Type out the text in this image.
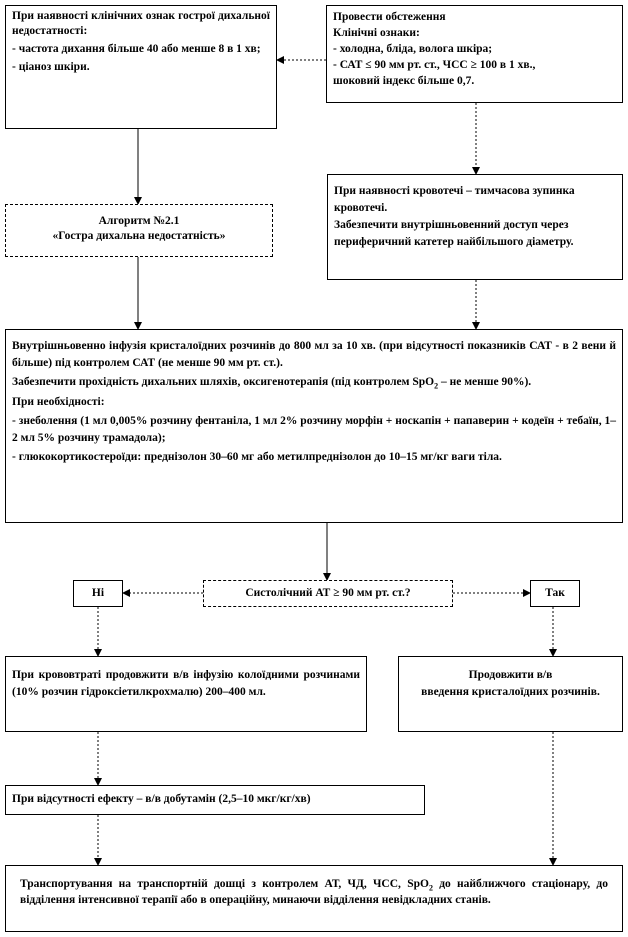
При наявності клінічних ознак гострої дихальної недостатності:

- частота дихання більше 40 або менше 8 в 1 хв;

- ціаноз шкіри.

Провести обстеження

Клінічні ознаки:

- холодна, бліда, волога шкіра;

- САТ ≤ 90 мм рт. ст., ЧСС ≥ 100 в 1 хв.,

шоковий індекс більше 0,7.

Алгоритм №2.1

«Гостра дихальна недостатність»

При наявності кровотечі – тимчасова зупинка кровотечі.

Забезпечити внутрішньовенний доступ через периферичний катетер найбільшого діаметру.

Внутрішньовенно інфузія кристалоїдних розчинів до 800 мл за 10 хв. (при відсутності показників САТ - в 2 вени й більше) під контролем САТ (не менше 90 мм рт. ст.).

Забезпечити прохідність дихальних шляхів, оксигенотерапія (під контролем SpO$_2$ – не менше 90%).

При необхідності:

- знеболення (1 мл 0,005% розчину фентаніла, 1 мл 2% розчину морфін + носкапін + папаверин + кодеїн + тебаїн, 1–2 мл 5% розчину трамадола);

- глюкокортикостероїди: преднізолон 30–60 мг або метилпреднізолон до 10–15 мг/кг ваги тіла.

Систолічний АТ ≥ 90 мм рт. ст.?

Ні	Так

При крововтраті продовжити в/в інфузію колоїдними розчинами (10% розчин гідроксіетилкрохмалю) 200–400 мл.

Продовжити в/в

введення кристалоїдних розчинів.

При відсутності ефекту – в/в добутамін (2,5–10 мкг/кг/хв)

Транспортування на транспортній дошці з контролем АТ, ЧД, ЧСС, SpO$_2$ до найближчого стаціонару, до відділення інтенсивної терапії або в операційну, минаючи відділення невідкладних станів.
